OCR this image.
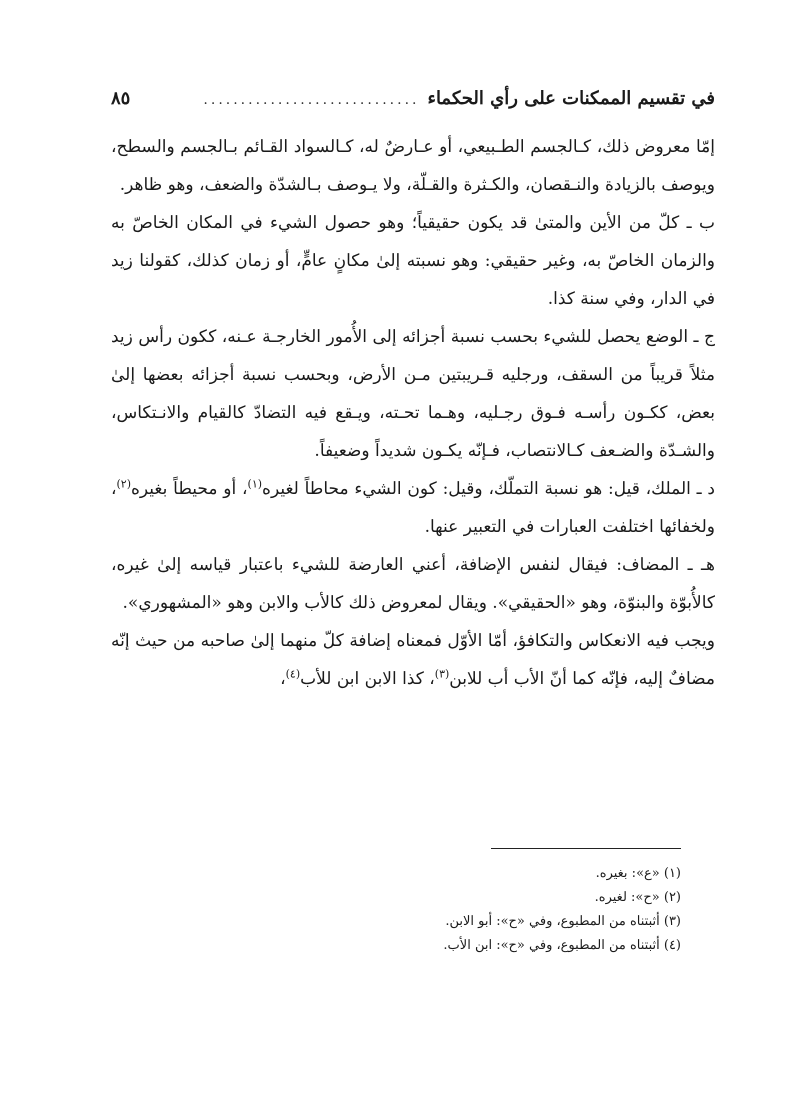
في تقسيم الممكنات على رأي الحكماء
.............................
٨٥

إمّا معروض ذلك، كـالجسم الطـبيعي، أو عـارضٌ له، كـالسواد القـائم بـالجسم والسطح، ويوصف بالزيادة والنـقصان، والكـثرة والقـلّة، ولا يـوصف بـالشدّة والضعف، وهو ظاهر.

ب ـ كلّ من الأين والمتىٰ قد يكون حقيقياً؛ وهو حصول الشيء في المكان الخاصّ به والزمان الخاصّ به، وغير حقيقي: وهو نسبته إلىٰ مكانٍ عامٍّ، أو زمان كذلك، كقولنا زيد في الدار، وفي سنة كذا.

ج ـ الوضع يحصل للشيء بحسب نسبة أجزائه إلى الأُمور الخارجـة عـنه، ككون رأس زيد مثلاً قريباً من السقف، ورجليه قـريبتين مـن الأرض، وبحسب نسبة أجزائه بعضها إلىٰ بعض، ككـون رأسـه فـوق رجـليه، وهـما تحـته، ويـقع فيه التضادّ كالقيام والانـتكاس، والشـدّة والضـعف كـالانتصاب، فـإنّه يكـون شديداً وضعيفاً.

د ـ الملك، قيل: هو نسبة التملّك، وقيل: كون الشيء محاطاً لغيره$^{(١)}$، أو محيطاً بغيره$^{(٢)}$، ولخفائها اختلفت العبارات في التعبير عنها.

هـ ـ المضاف: فيقال لنفس الإضافة، أعني العارضة للشيء باعتبار قياسه إلىٰ غيره، كالأُبوّة والبنوّة، وهو «الحقيقي». ويقال لمعروض ذلك كالأب والابن وهو «المشهوري».

ويجب فيه الانعكاس والتكافؤ، أمّا الأوّل فمعناه إضافة كلّ منهما إلىٰ صاحبه من حيث إنّه مضافٌ إليه، فإنّه كما أنّ الأب أب للابن$^{(٣)}$، كذا الابن ابن للأب$^{(٤)}$،

(١) «ع»: بغيره.

(٢) «ح»: لغيره.

(٣) أثبتناه من المطبوع، وفي «ح»: أبو الابن.

(٤) أثبتناه من المطبوع، وفي «ح»: ابن الأب.
